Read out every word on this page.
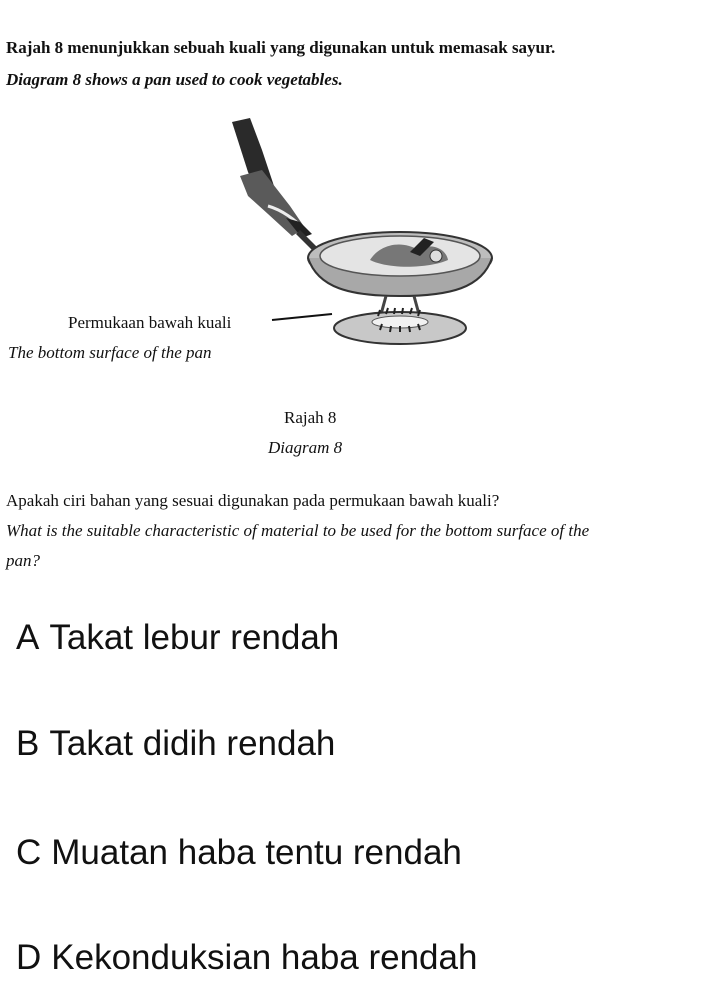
Rajah 8 menunjukkan sebuah kuali yang digunakan untuk memasak sayur.
Diagram 8 shows a pan used to cook vegetables.
Permukaan bawah kuali
The bottom surface of the pan
Rajah 8
Diagram 8
Apakah ciri bahan yang sesuai digunakan pada permukaan bawah kuali?
What is the suitable characteristic of material to be used for the bottom surface of the
pan?
A Takat lebur rendah
B Takat didih rendah
C Muatan haba tentu rendah
D Kekonduksian haba rendah
